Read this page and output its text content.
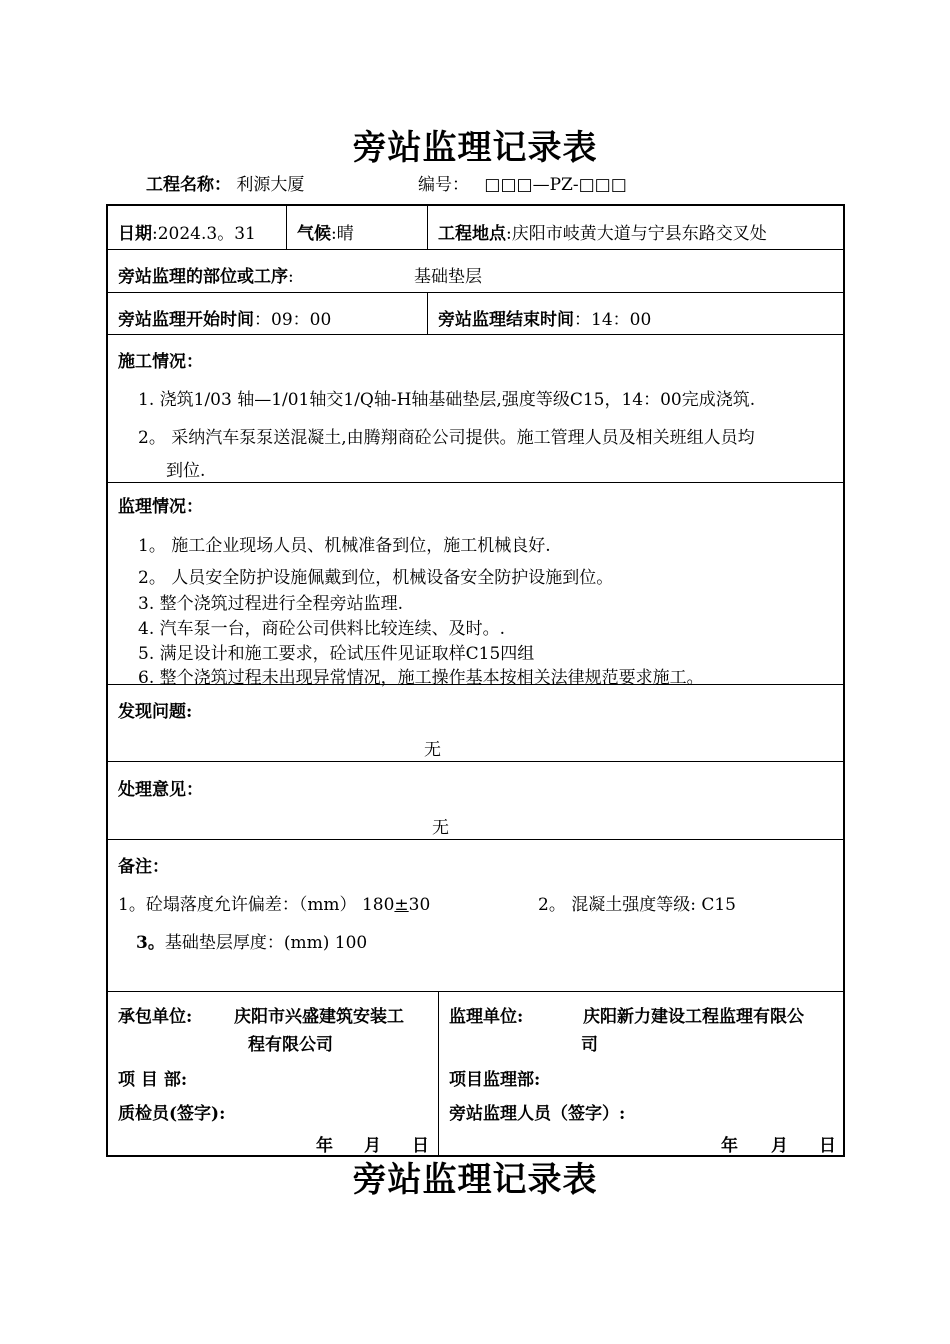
旁站监理记录表
工程名称： 利源大厦	编号： □□□—PZ-□□□
日期:2024.3。31 气候:晴	工程地点:庆阳市岐黄大道与宁县东路交叉处
旁站监理的部位或工序:	基础垫层
旁站监理开始时间：09：00	旁站监理结束时间：14：00
施工情况：
1. 浇筑1/03 轴—1/01轴交1/Q轴-H轴基础垫层,强度等级C15，14：00完成浇筑.
2。 采纳汽车泵泵送混凝土,由腾翔商砼公司提供。施工管理人员及相关班组人员均
到位.
监理情况：
1。 施工企业现场人员、机械准备到位，施工机械良好.
2。 人员安全防护设施佩戴到位，机械设备安全防护设施到位。
3. 整个浇筑过程进行全程旁站监理.
4. 汽车泵一台，商砼公司供料比较连续、及时。.
5. 满足设计和施工要求，砼试压件见证取样C15四组
6. 整个浇筑过程未出现异常情况，施工操作基本按相关法律规范要求施工。
发现问题:
无
处理意见：
无
备注：
1。砼塌落度允许偏差：（mm） 180±30	2。 混凝土强度等级: C15
3。基础垫层厚度：(mm) 100
承包单位: 庆阳市兴盛建筑安装工
程有限公司
项 目 部:
质检员(签字):
年 月 日
监理单位:	庆阳新力建设工程监理有限公
司
项目监理部:
旁站监理人员（签字）:
年 月 日
旁站监理记录表
